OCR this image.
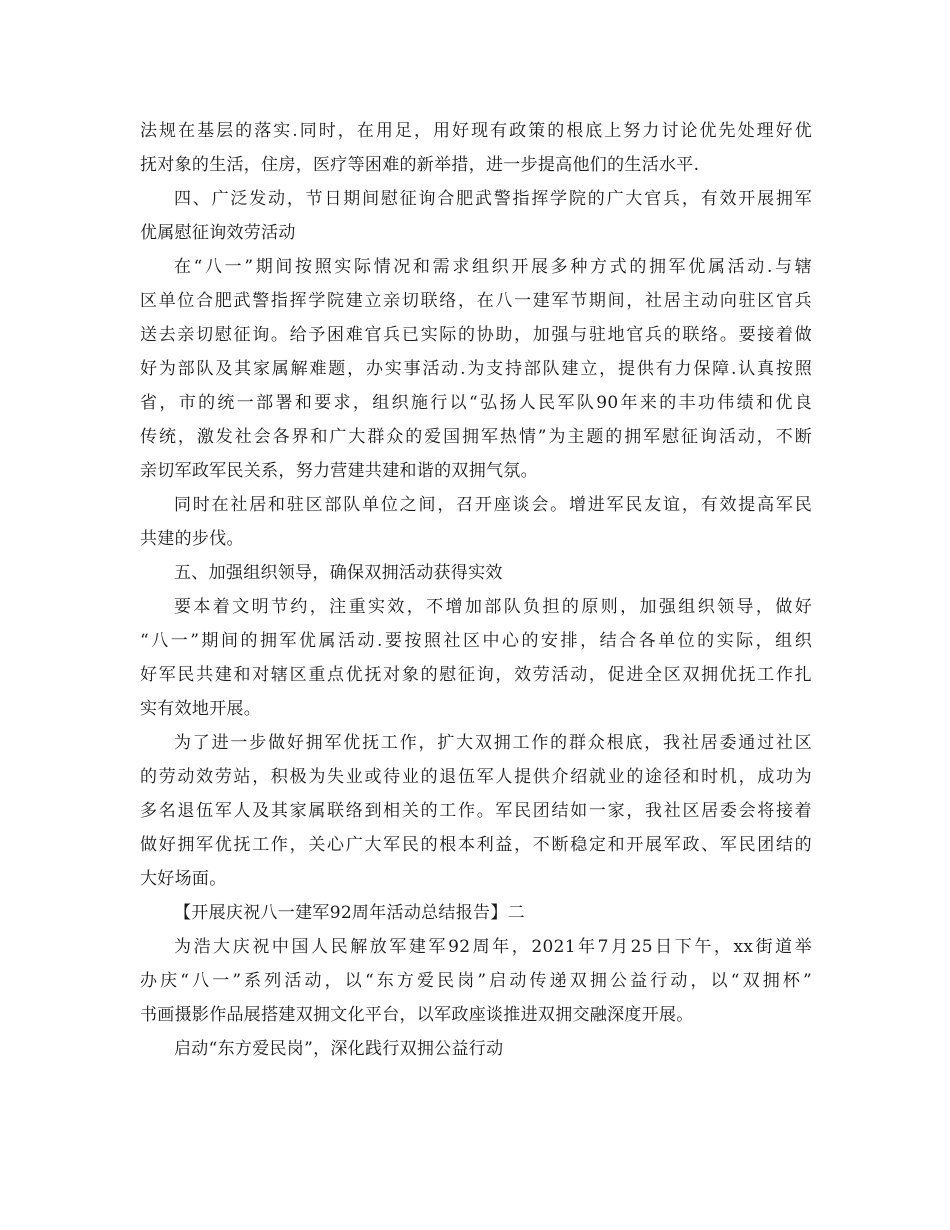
法规在基层的落实.同时，在用足，用好现有政策的根底上努力讨论优先处理好优
抚对象的生活，住房，医疗等困难的新举措，进一步提高他们的生活水平.

四、广泛发动，节日期间慰征询合肥武警指挥学院的广大官兵，有效开展拥军
优属慰征询效劳活动

在“八一”期间按照实际情况和需求组织开展多种方式的拥军优属活动.与辖
区单位合肥武警指挥学院建立亲切联络，在八一建军节期间，社居主动向驻区官兵
送去亲切慰征询。给予困难官兵已实际的协助，加强与驻地官兵的联络。要接着做
好为部队及其家属解难题，办实事活动.为支持部队建立，提供有力保障.认真按照
省，市的统一部署和要求，组织施行以“弘扬人民军队90年来的丰功伟绩和优良
传统，激发社会各界和广大群众的爱国拥军热情”为主题的拥军慰征询活动，不断
亲切军政军民关系，努力营建共建和谐的双拥气氛。

同时在社居和驻区部队单位之间，召开座谈会。增进军民友谊，有效提高军民
共建的步伐。

五、加强组织领导，确保双拥活动获得实效

要本着文明节约，注重实效，不增加部队负担的原则，加强组织领导，做好
“八一”期间的拥军优属活动.要按照社区中心的安排，结合各单位的实际，组织
好军民共建和对辖区重点优抚对象的慰征询，效劳活动，促进全区双拥优抚工作扎
实有效地开展。

为了进一步做好拥军优抚工作，扩大双拥工作的群众根底，我社居委通过社区
的劳动效劳站，积极为失业或待业的退伍军人提供介绍就业的途径和时机，成功为
多名退伍军人及其家属联络到相关的工作。军民团结如一家，我社区居委会将接着
做好拥军优抚工作，关心广大军民的根本利益，不断稳定和开展军政、军民团结的
大好场面。

【开展庆祝八一建军92周年活动总结报告】二

为浩大庆祝中国人民解放军建军92周年，2021年7月25日下午，xx街道举
办庆“八一”系列活动，以“东方爱民岗”启动传递双拥公益行动，以“双拥杯”
书画摄影作品展搭建双拥文化平台，以军政座谈推进双拥交融深度开展。

启动“东方爱民岗”，深化践行双拥公益行动
